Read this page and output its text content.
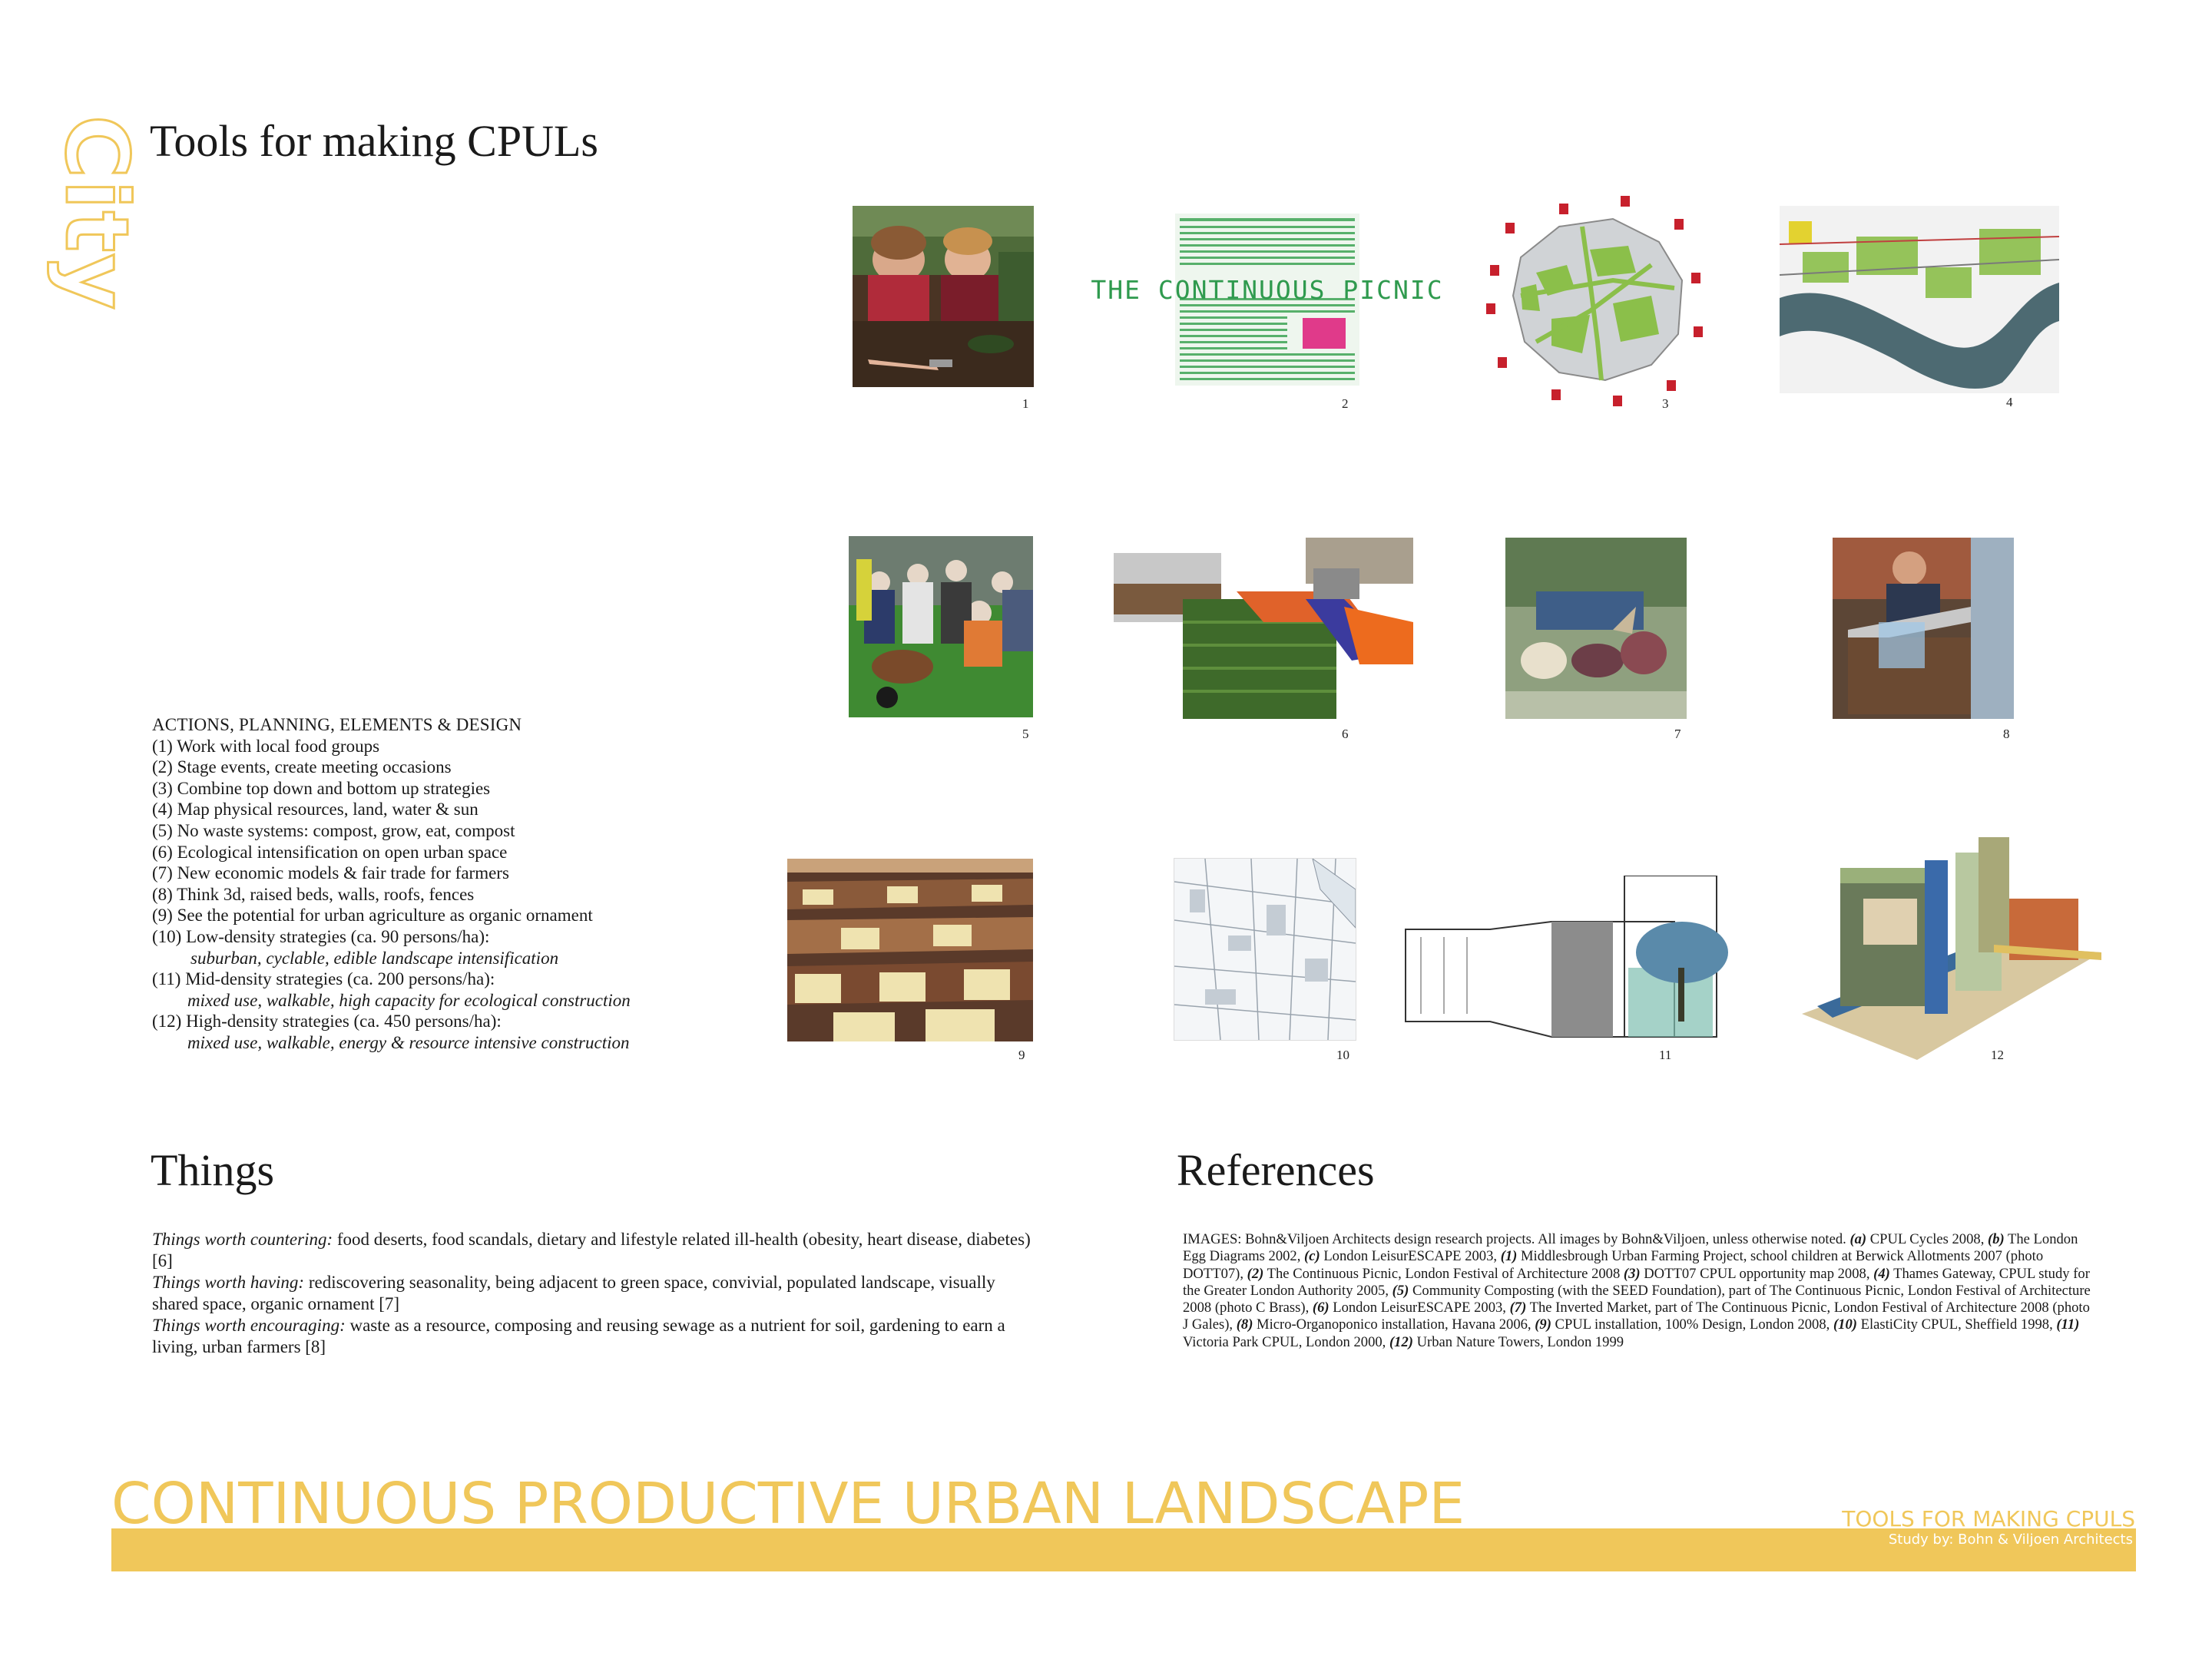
City Tools for making CPULs
1
THE CONTINUOUS PICNIC
2	3	4
5	6	7	8
9	10	11	12
ACTIONS, PLANNING, ELEMENTS & DESIGN
(1) Work with local food groups
(2) Stage events, create meeting occasions
(3) Combine top down and bottom up strategies
(4) Map physical resources, land, water & sun
(5) No waste systems: compost, grow, eat, compost
(6) Ecological intensification on open urban space
(7) New economic models & fair trade for farmers
(8) Think 3d, raised beds, walls, roofs, fences
(9) See the potential for urban agriculture as organic ornament
(10) Low-density strategies (ca. 90 persons/ha):
suburban, cyclable, edible landscape intensification
(11) Mid-density strategies (ca. 200 persons/ha):
mixed use, walkable, high capacity for ecological construction
(12) High-density strategies (ca. 450 persons/ha):
mixed use, walkable, energy & resource intensive construction
Things
Things worth countering: food deserts, food scandals, dietary and lifestyle related ill-health (obesity, heart disease, diabetes) [6]
Things worth having: rediscovering seasonality, being adjacent to green space, convivial, populated landscape, visually shared space, organic ornament [7]
Things worth encouraging: waste as a resource, composing and reusing sewage as a nutrient for soil, gardening to earn a living, urban farmers [8]
References
IMAGES: Bohn&Viljoen Architects design research projects. All images by Bohn&Viljoen, unless otherwise noted. (a) CPUL Cycles 2008, (b) The London Egg Diagrams 2002, (c) London LeisurESCAPE 2003, (1) Middlesbrough Urban Farming Project, school children at Berwick Allotments 2007 (photo DOTT07), (2) The Continuous Picnic, London Festival of Architecture 2008 (3) DOTT07 CPUL opportunity map 2008, (4) Thames Gateway, CPUL study for the Greater London Authority 2005, (5) Community Composting (with the SEED Foundation), part of The Continuous Picnic, London Festival of Architecture 2008 (photo C Brass), (6) London LeisurESCAPE 2003, (7) The Inverted Market, part of The Continuous Picnic, London Festival of Architecture 2008 (photo J Gales), (8) Micro-Organoponico installation, Havana 2006, (9) CPUL installation, 100% Design, London 2008, (10) ElastiCity CPUL, Sheffield 1998, (11) Victoria Park CPUL, London 2000, (12) Urban Nature Towers, London 1999
CONTINUOUS PRODUCTIVE URBAN LANDSCAPE	TOOLS FOR MAKING CPULS
Study by: Bohn & Viljoen Architects
